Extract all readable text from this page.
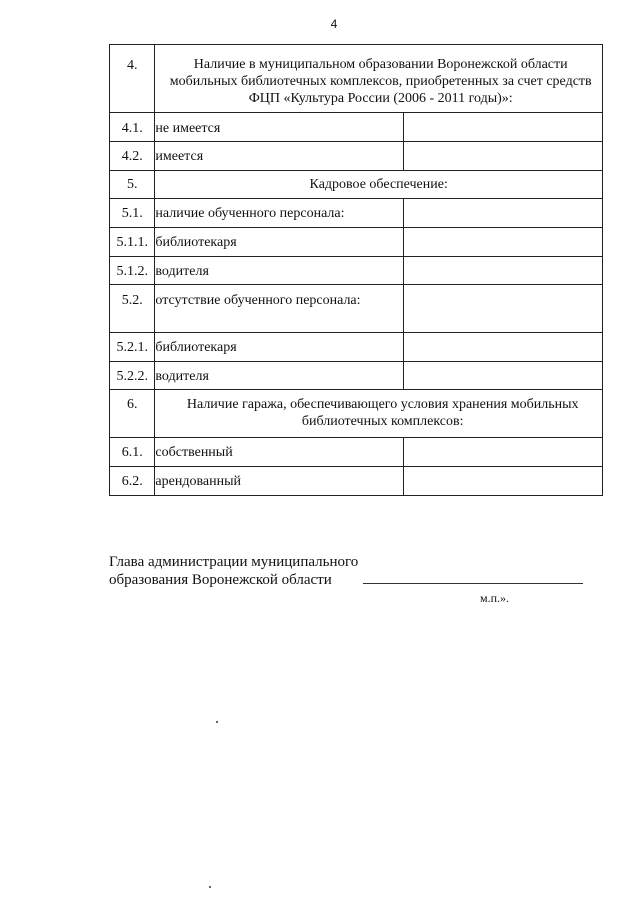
4
4.	Наличие в муниципальном образовании Воронежской области мобильных библиотечных комплексов, приобретенных за счет средств ФЦП «Культура России (2006 - 2011 годы)»:	
4.1.	не имеется	
4.2.	имеется	
5.	Кадровое обеспечение:	
5.1.	наличие обученного персонала:	
5.1.1.	библиотекаря	
5.1.2.	водителя	
5.2.	отсутствие обученного персонала:	
5.2.1.	библиотекаря	
5.2.2.	водителя	
6.	Наличие гаража, обеспечивающего условия хранения мобильных библиотечных комплексов:	
6.1.	собственный	
6.2.	арендованный	
Глава администрации муниципального
образования Воронежской области
м.п.».
